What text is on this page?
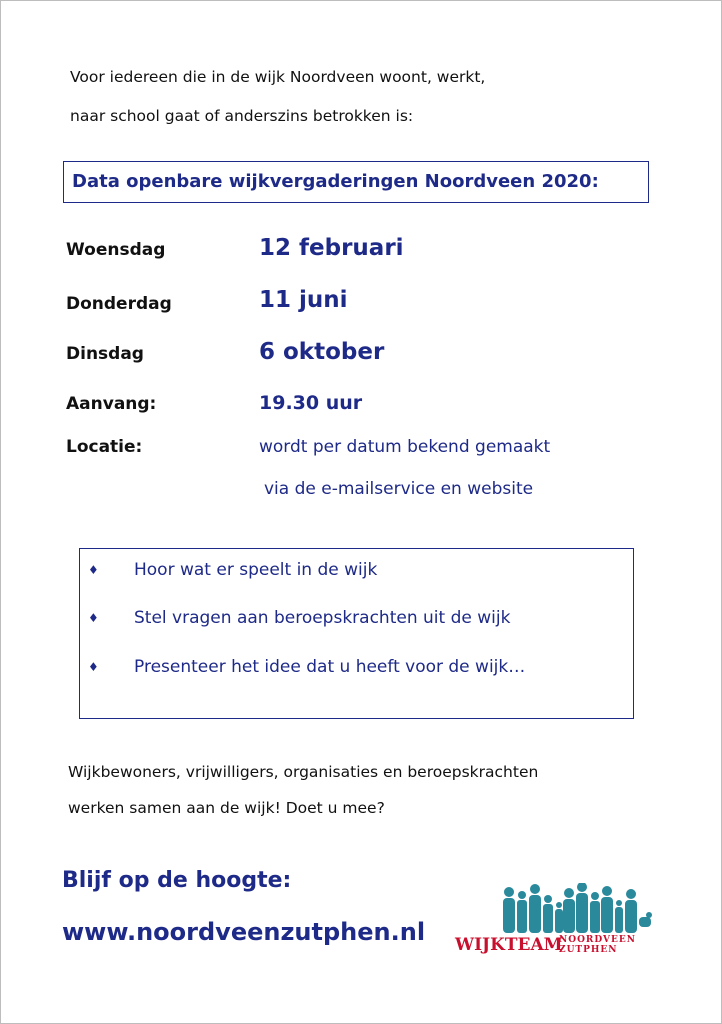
Voor iedereen die in de wijk Noordveen woont, werkt,
naar school gaat of anderszins betrokken is:
Data openbare wijkvergaderingen Noordveen 2020:
Woensdag	12 februari
Donderdag	11 juni
Dinsdag	6 oktober
Aanvang:	19.30 uur
Locatie:	wordt per datum bekend gemaakt
via de e-mailservice en website
♦ Hoor wat er speelt in de wijk
♦ Stel vragen aan beroepskrachten uit de wijk
♦ Presenteer het idee dat u heeft voor de wijk…
Wijkbewoners, vrijwilligers, organisaties en beroepskrachten
werken samen aan de wijk! Doet u mee?
Blijf op de hoogte:
www.noordveenzutphen.nl WIJKTEAM
NOORDVEEN
ZUTPHEN
